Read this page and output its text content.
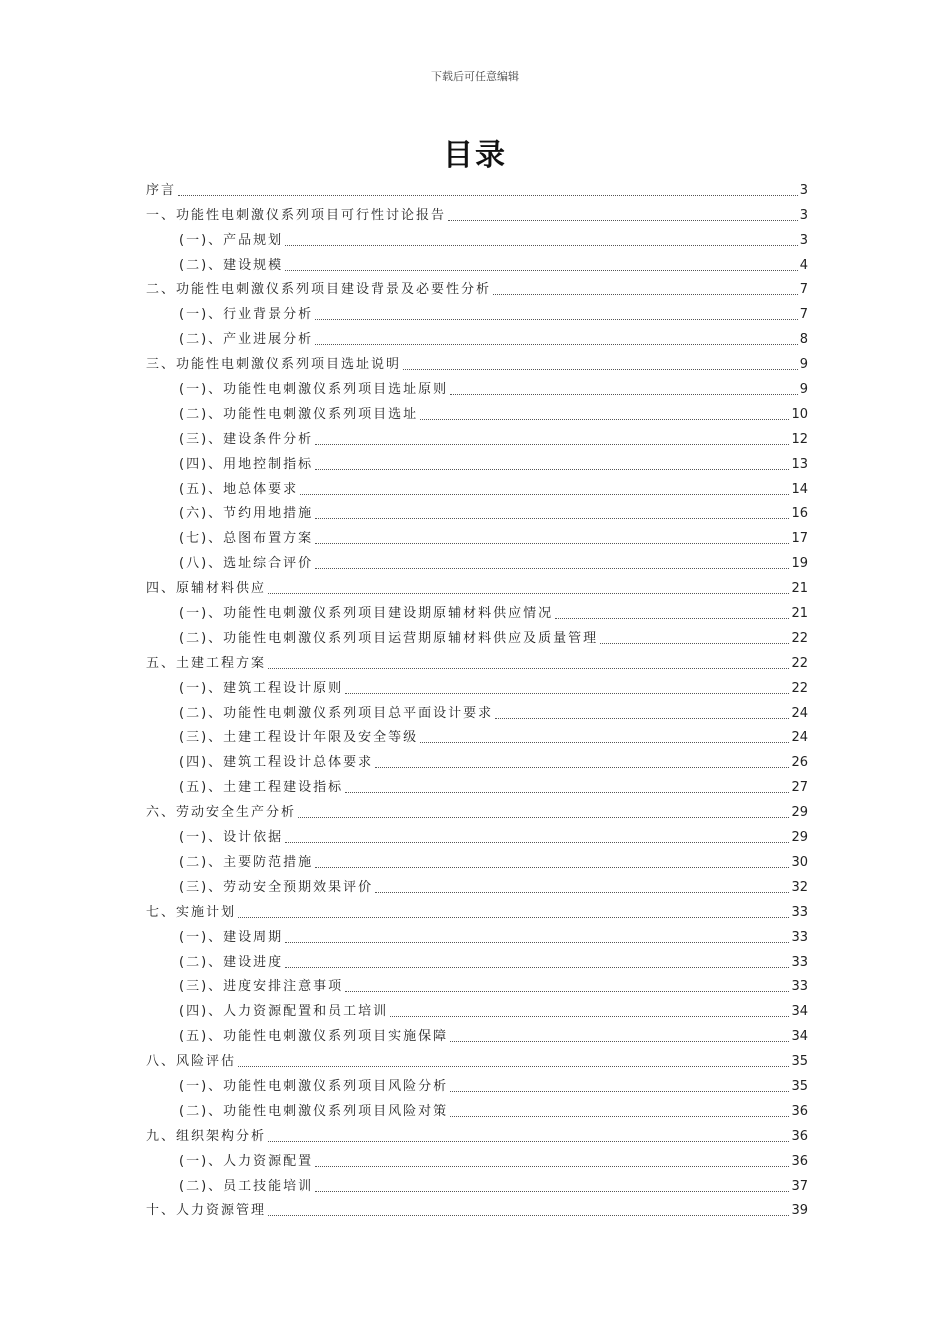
下载后可任意编辑
目录
序言	3
一、功能性电刺激仪系列项目可行性讨论报告	3
(一)、产品规划	3
(二)、建设规模	4
二、功能性电刺激仪系列项目建设背景及必要性分析	7
(一)、行业背景分析	7
(二)、产业进展分析	8
三、功能性电刺激仪系列项目选址说明	9
(一)、功能性电刺激仪系列项目选址原则	9
(二)、功能性电刺激仪系列项目选址	10
(三)、建设条件分析	12
(四)、用地控制指标	13
(五)、地总体要求	14
(六)、节约用地措施	16
(七)、总图布置方案	17
(八)、选址综合评价	19
四、原辅材料供应	21
(一)、功能性电刺激仪系列项目建设期原辅材料供应情况	21
(二)、功能性电刺激仪系列项目运营期原辅材料供应及质量管理	22
五、土建工程方案	22
(一)、建筑工程设计原则	22
(二)、功能性电刺激仪系列项目总平面设计要求	24
(三)、土建工程设计年限及安全等级	24
(四)、建筑工程设计总体要求	26
(五)、土建工程建设指标	27
六、劳动安全生产分析	29
(一)、设计依据	29
(二)、主要防范措施	30
(三)、劳动安全预期效果评价	32
七、实施计划	33
(一)、建设周期	33
(二)、建设进度	33
(三)、进度安排注意事项	33
(四)、人力资源配置和员工培训	34
(五)、功能性电刺激仪系列项目实施保障	34
八、风险评估	35
(一)、功能性电刺激仪系列项目风险分析	35
(二)、功能性电刺激仪系列项目风险对策	36
九、组织架构分析	36
(一)、人力资源配置	36
(二)、员工技能培训	37
十、人力资源管理	39
